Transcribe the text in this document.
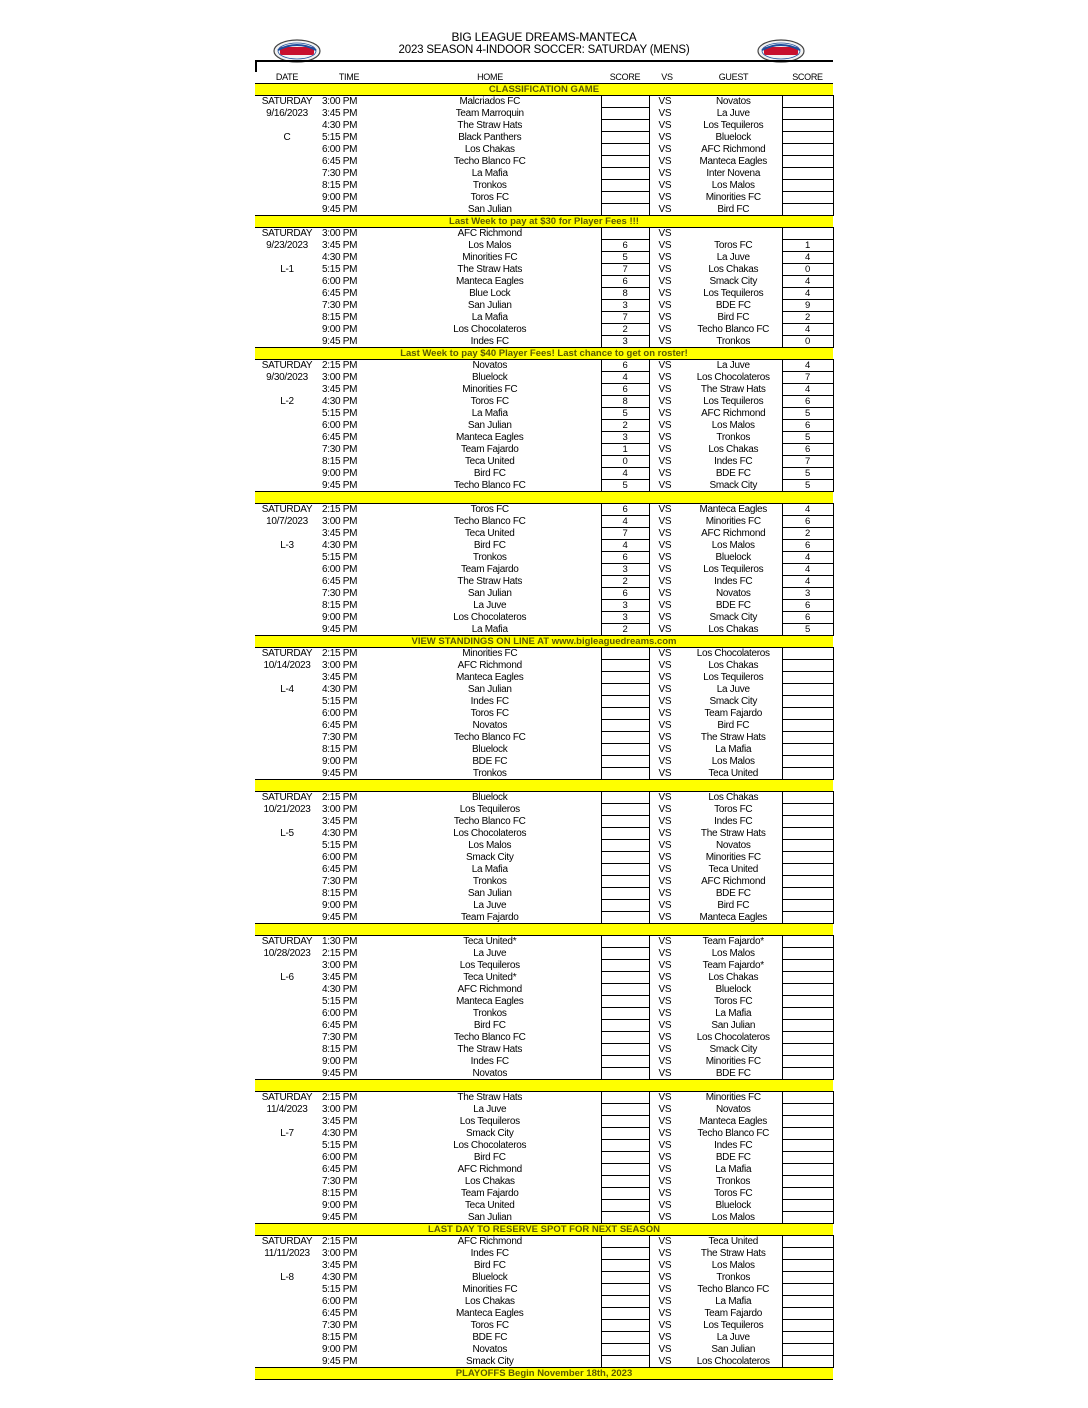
BIG LEAGUE DREAMS-MANTECA
2023 SEASON 4-INDOOR SOCCER: SATURDAY (MENS)
DATE	TIME	HOME	SCORE	VS	GUEST	SCORE
CLASSIFICATION GAME						
SATURDAY	3:00 PM	Malcriados FC		VS	Novatos	
9/16/2023	3:45 PM	Team Marroquin		VS	La Juve	
	4:30 PM	The Straw Hats		VS	Los Tequileros	
C	5:15 PM	Black Panthers		VS	Bluelock	
	6:00 PM	Los Chakas		VS	AFC Richmond	
	6:45 PM	Techo Blanco FC		VS	Manteca Eagles	
	7:30 PM	La Mafia		VS	Inter Novena	
	8:15 PM	Tronkos		VS	Los Malos	
	9:00 PM	Toros FC		VS	Minorities FC	
	9:45 PM	San Julian		VS	Bird FC	
Last Week to pay at $30 for Player Fees !!!						
SATURDAY	3:00 PM	AFC Richmond		VS		
9/23/2023	3:45 PM	Los Malos	6	VS	Toros FC	1
	4:30 PM	Minorities FC	5	VS	La Juve	4
L-1	5:15 PM	The Straw Hats	7	VS	Los Chakas	0
	6:00 PM	Manteca Eagles	6	VS	Smack City	4
	6:45 PM	Blue Lock	8	VS	Los Tequileros	4
	7:30 PM	San Julian	3	VS	BDE FC	9
	8:15 PM	La Mafia	7	VS	Bird FC	2
	9:00 PM	Los Chocolateros	2	VS	Techo Blanco FC	4
	9:45 PM	Indes FC	3	VS	Tronkos	0
Last Week to pay $40 Player Fees! Last chance to get on roster!						
SATURDAY	2:15 PM	Novatos	6	VS	La Juve	4
9/30/2023	3:00 PM	Bluelock	4	VS	Los Chocolateros	7
	3:45 PM	Minorities FC	6	VS	The Straw Hats	4
L-2	4:30 PM	Toros FC	8	VS	Los Tequileros	6
	5:15 PM	La Mafia	5	VS	AFC Richmond	5
	6:00 PM	San Julian	2	VS	Los Malos	6
	6:45 PM	Manteca Eagles	3	VS	Tronkos	5
	7:30 PM	Team Fajardo	1	VS	Los Chakas	6
	8:15 PM	Teca United	0	VS	Indes FC	7
	9:00 PM	Bird FC	4	VS	BDE FC	5
	9:45 PM	Techo Blanco FC	5	VS	Smack City	5

SATURDAY	2:15 PM	Toros FC	6	VS	Manteca Eagles	4
10/7/2023	3:00 PM	Techo Blanco FC	4	VS	Minorities FC	6
	3:45 PM	Teca United	7	VS	AFC Richmond	2
L-3	4:30 PM	Bird FC	4	VS	Los Malos	6
	5:15 PM	Tronkos	6	VS	Bluelock	4
	6:00 PM	Team Fajardo	3	VS	Los Tequileros	4
	6:45 PM	The Straw Hats	2	VS	Indes FC	4
	7:30 PM	San Julian	6	VS	Novatos	3
	8:15 PM	La Juve	3	VS	BDE FC	6
	9:00 PM	Los Chocolateros	3	VS	Smack City	6
	9:45 PM	La Mafia	2	VS	Los Chakas	5
VIEW STANDINGS ON LINE AT www.bigleaguedreams.com						
SATURDAY	2:15 PM	Minorities FC		VS	Los Chocolateros	
10/14/2023	3:00 PM	AFC Richmond		VS	Los Chakas	
	3:45 PM	Manteca Eagles		VS	Los Tequileros	
L-4	4:30 PM	San Julian		VS	La Juve	
	5:15 PM	Indes FC		VS	Smack City	
	6:00 PM	Toros FC		VS	Team Fajardo	
	6:45 PM	Novatos		VS	Bird FC	
	7:30 PM	Techo Blanco FC		VS	The Straw Hats	
	8:15 PM	Bluelock		VS	La Mafia	
	9:00 PM	BDE FC		VS	Los Malos	
	9:45 PM	Tronkos		VS	Teca United	

SATURDAY	2:15 PM	Bluelock		VS	Los Chakas	
10/21/2023	3:00 PM	Los Tequileros		VS	Toros FC	
	3:45 PM	Techo Blanco FC		VS	Indes FC	
L-5	4:30 PM	Los Chocolateros		VS	The Straw Hats	
	5:15 PM	Los Malos		VS	Novatos	
	6:00 PM	Smack City		VS	Minorities FC	
	6:45 PM	La Mafia		VS	Teca United	
	7:30 PM	Tronkos		VS	AFC Richmond	
	8:15 PM	San Julian		VS	BDE FC	
	9:00 PM	La Juve		VS	Bird FC	
	9:45 PM	Team Fajardo		VS	Manteca Eagles	

SATURDAY	1:30 PM	Teca United*		VS	Team Fajardo*	
10/28/2023	2:15 PM	La Juve		VS	Los Malos	
	3:00 PM	Los Tequileros		VS	Team Fajardo*	
L-6	3:45 PM	Teca United*		VS	Los Chakas	
	4:30 PM	AFC Richmond		VS	Bluelock	
	5:15 PM	Manteca Eagles		VS	Toros FC	
	6:00 PM	Tronkos		VS	La Mafia	
	6:45 PM	Bird FC		VS	San Julian	
	7:30 PM	Techo Blanco FC		VS	Los Chocolateros	
	8:15 PM	The Straw Hats		VS	Smack City	
	9:00 PM	Indes FC		VS	Minorities FC	
	9:45 PM	Novatos		VS	BDE FC	

SATURDAY	2:15 PM	The Straw Hats		VS	Minorities FC	
11/4/2023	3:00 PM	La Juve		VS	Novatos	
	3:45 PM	Los Tequileros		VS	Manteca Eagles	
L-7	4:30 PM	Smack City		VS	Techo Blanco FC	
	5:15 PM	Los Chocolateros		VS	Indes FC	
	6:00 PM	Bird FC		VS	BDE FC	
	6:45 PM	AFC Richmond		VS	La Mafia	
	7:30 PM	Los Chakas		VS	Tronkos	
	8:15 PM	Team Fajardo		VS	Toros FC	
	9:00 PM	Teca United		VS	Bluelock	
	9:45 PM	San Julian		VS	Los Malos	
LAST DAY TO RESERVE SPOT FOR NEXT SEASON						
SATURDAY	2:15 PM	AFC Richmond		VS	Teca United	
11/11/2023	3:00 PM	Indes FC		VS	The Straw Hats	
	3:45 PM	Bird FC		VS	Los Malos	
L-8	4:30 PM	Bluelock		VS	Tronkos	
	5:15 PM	Minorities FC		VS	Techo Blanco FC	
	6:00 PM	Los Chakas		VS	La Mafia	
	6:45 PM	Manteca Eagles		VS	Team Fajardo	
	7:30 PM	Toros FC		VS	Los Tequileros	
	8:15 PM	BDE FC		VS	La Juve	
	9:00 PM	Novatos		VS	San Julian	
	9:45 PM	Smack City		VS	Los Chocolateros	
PLAYOFFS Begin November 18th, 2023						
